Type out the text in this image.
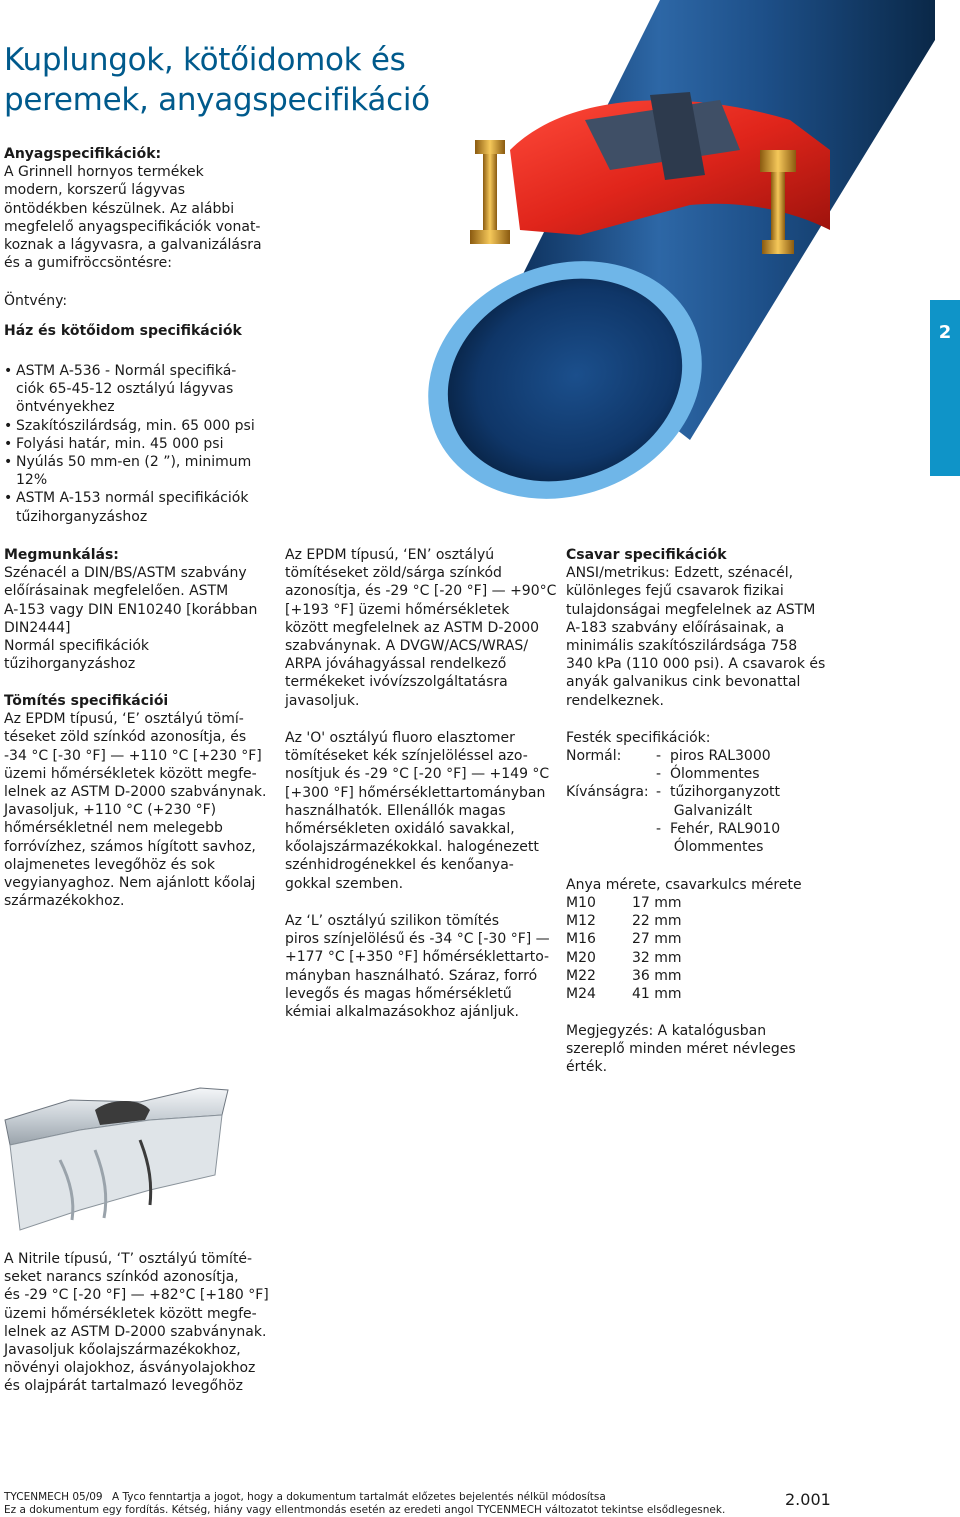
Kuplungok, kötőidomok és
peremek, anyagspecifikáció
2
Anyagspecifikációk:
A Grinnell hornyos termékek
modern, korszerű lágyvas
öntödékben készülnek. Az alábbi
megfelelő anyagspecifikációk vonat-
koznak a lágyvasra, a galvanizálásra
és a gumifröccsöntésre:
Öntvény:
Ház és kötőidom specifikációk
• ASTM A-536 - Normál specifiká-
ciók 65-45-12 osztályú lágyvas
öntvényekhez
• Szakítószilárdság, min. 65 000 psi
• Folyási határ, min. 45 000 psi
• Nyúlás 50 mm-en (2 ”), minimum
12%
• ASTM A-153 normál specifikációk
tűzihorganyzáshoz
Megmunkálás:
Szénacél a DIN/BS/ASTM szabvány
előírásainak megfelelően. ASTM
A-153 vagy DIN EN10240 [korábban
DIN2444]
Normál specifikációk
tűzihorganyzáshoz
Tömítés specifikációi
Az EPDM típusú, ‘E’ osztályú tömí-
téseket zöld színkód azonosítja, és
-34 °C [-30 °F] — +110 °C [+230 °F]
üzemi hőmérsékletek között megfe-
lelnek az ASTM D-2000 szabványnak.
Javasoljuk, +110 °C (+230 °F)
hőmérsékletnél nem melegebb
forróvízhez, számos hígított savhoz,
olajmenetes levegőhöz és sok
vegyianyaghoz. Nem ajánlott kőolaj
származékokhoz.
Az EPDM típusú, ‘EN’ osztályú
tömítéseket zöld/sárga színkód
azonosítja, és -29 °C [-20 °F] — +90°C
[+193 °F] üzemi hőmérsékletek
között megfelelnek az ASTM D-2000
szabványnak. A DVGW/ACS/WRAS/
ARPA jóváhagyással rendelkező
termékeket ivóvízszolgáltatásra
javasoljuk.
Az 'O' osztályú fluoro elasztomer
tömítéseket kék színjelöléssel azo-
nosítjuk és -29 °C [-20 °F] — +149 °C
[+300 °F] hőmérséklettartományban
használhatók. Ellenállók magas
hőmérsékleten oxidáló savakkal,
kőolajszármazékokkal. halogénezett
szénhidrogénekkel és kenőanya-
gokkal szemben.
Az ‘L’ osztályú szilikon tömítés
piros színjelölésű és -34 °C [-30 °F] —
+177 °C [+350 °F] hőmérséklettarto-
mányban használható. Száraz, forró
levegős és magas hőmérsékletű
kémiai alkalmazásokhoz ajánljuk.
Csavar specifikációk
ANSI/metrikus: Edzett, szénacél,
különleges fejű csavarok fizikai
tulajdonságai megfelelnek az ASTM
A-183 szabvány előírásainak, a
minimális szakítószilárdsága 758
340 kPa (110 000 psi). A csavarok és
anyák galvanikus cink bevonattal
rendelkeznek.
Festék specifikációk:
Normál:	-  piros RAL3000
	-  Ólommentes
Kívánságra:	-  tűzihorganyzott
	Galvanizált
	-  Fehér, RAL9010
	Ólommentes
Anya mérete, csavarkulcs mérete
M10	17 mm
M12	22 mm
M16	27 mm
M20	32 mm
M22	36 mm
M24	41 mm
Megjegyzés: A katalógusban
szereplő minden méret névleges
érték.
A Nitrile típusú, ‘T’ osztályú tömíté-
seket narancs színkód azonosítja,
és -29 °C [-20 °F] — +82°C [+180 °F]
üzemi hőmérsékletek között megfe-
lelnek az ASTM D-2000 szabványnak.
Javasoljuk kőolajszármazékokhoz,
növényi olajokhoz, ásványolajokhoz
és olajpárát tartalmazó levegőhöz
TYCENMECH 05/09 A Tyco fenntartja a jogot, hogy a dokumentum tartalmát előzetes bejelentés nélkül módosítsa
Ez a dokumentum egy fordítás. Kétség, hiány vagy ellentmondás esetén az eredeti angol TYCENMECH változatot tekintse elsődlegesnek.
2.001
